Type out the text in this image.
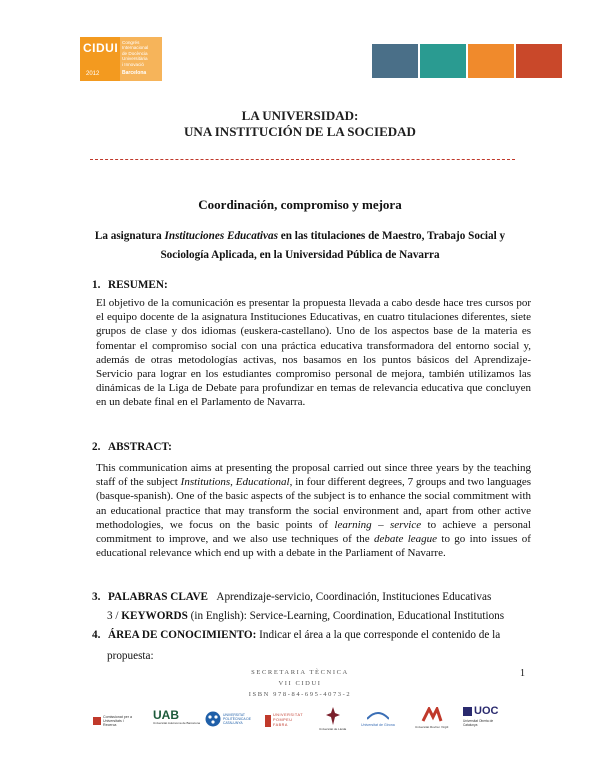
CIDUI
2012
Congrés
Internacional
de Docència
Universitària
i Innovació
Barcelona
LA UNIVERSIDAD:
UNA INSTITUCIÓN DE LA SOCIEDAD
Coordinación, compromiso y mejora
La asignatura Instituciones Educativas en las titulaciones de Maestro, Trabajo Social y
Sociología Aplicada, en la Universidad Pública de Navarra
1. RESUMEN:
El objetivo de la comunicación es presentar la propuesta llevada a cabo desde hace tres cursos por el equipo docente de la asignatura Instituciones Educativas, en cuatro titulaciones diferentes, siete grupos de clase y dos idiomas (euskera-castellano). Uno de los aspectos base de la materia es fomentar el compromiso social con una práctica educativa transformadora del entorno social y, además de otras metodologías activas, nos basamos en los puntos básicos del Aprendizaje-Servicio para lograr en los estudiantes compromiso personal de mejora, también utilizamos las dinámicas de la Liga de Debate para profundizar en temas de relevancia educativa que concluyen en un debate final en el Parlamento de Navarra.
2. ABSTRACT:
This communication aims at presenting the proposal carried out since three years by the teaching staff of the subject Institutions, Educational, in four different degrees, 7 groups and two languages (basque-spanish). One of the basic aspects of the subject is to enhance the social commitment with an educational practice that may transform the social environment and, apart from other active methodologies, we focus on the basic points of learning – service to achieve a personal commitment to improve, and we also use techniques of the debate league to go into issues of educational relevance which end up with a debate in the Parliament of Navarre.
3. PALABRAS CLAVE Aprendizaje-servicio, Coordinación, Instituciones Educativas
3 / KEYWORDS (in English): Service-Learning, Coordination, Educational Institutions
4. ÁREA DE CONOCIMIENTO: Indicar el área a la que corresponde el contenido de la
propuesta:
SECRETARIA TÈCNICA
VII CIDUI
ISBN 978-84-695-4073-2
1
Comissionat per a Universitats i Recerca
UAB
Universitat Autònoma de Barcelona
UNIVERSITAT POLITÈCNICA DE CATALUNYA
UNIVERSITAT POMPEU FABRA
Universitat de Lleida
Universitat de Girona	Universitat Rovira i Virgili
UOC
Universitat Oberta de Catalunya
